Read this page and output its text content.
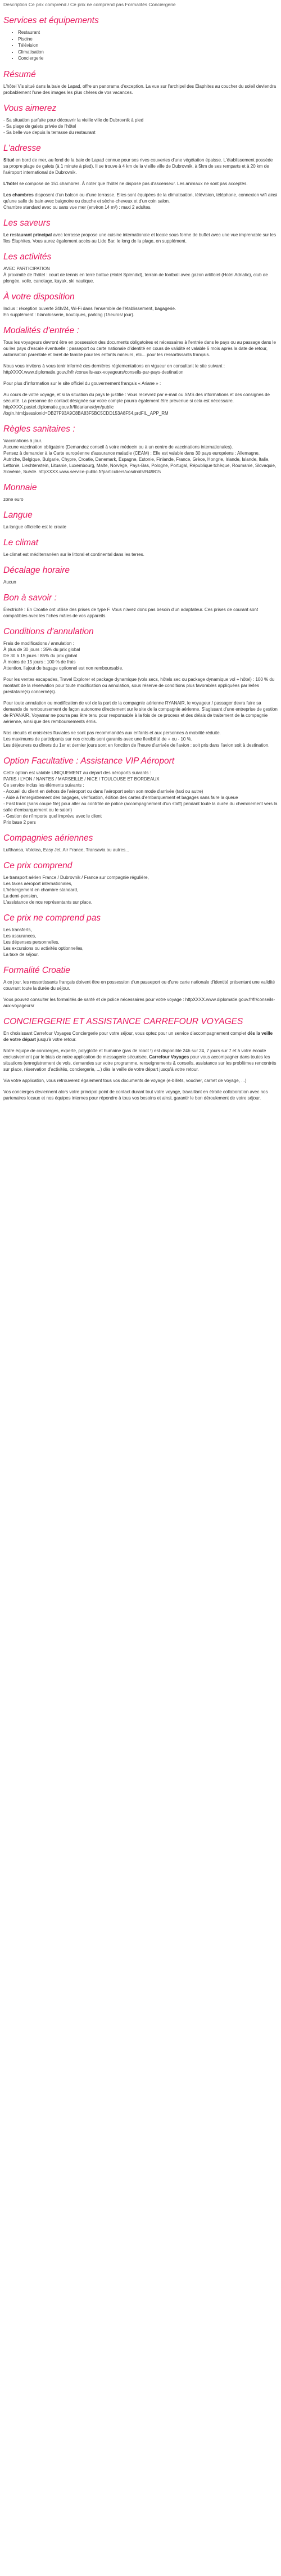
Description Ce prix comprend / Ce prix ne comprend pas Formalités Conciergerie
Services et équipements
• Restaurant
• Piscine
• Télévision
• Climatisation
• Conciergerie
Résumé

L'hôtel Vis situé dans la baie de Lapad, offre un panorama d'exception. La vue sur l'archipel des Élaphites au coucher du soleil deviendra probablement l'une des images les plus chères de vos vacances.

Vous aimerez

- Sa situation parfaite pour découvrir la vieille ville de Dubrovnik à pied
- Sa plage de galets privée de l'hôtel
- Sa belle vue depuis la terrasse du restaurant

L'adresse

Situé en bord de mer, au fond de la baie de Lapad connue pour ses rives couvertes d'une végétation épaisse. L'établissement possède sa propre plage de galets (à 1 minute à pied). Il se trouve à 4 km de la vieille ville de Dubrovnik, à 5km de ses remparts et à 20 km de l'aéroport international de Dubrovnik.

L'hôtel se compose de 151 chambres. À noter que l'hôtel ne dispose pas d'ascenseur. Les animaux ne sont pas acceptés.

Les chambres disposent d'un balcon ou d'une terrasse. Elles sont équipées de la climatisation, télévision, téléphone, connexion wifi ainsi qu'une salle de bain avec baignoire ou douche et sèche-cheveux et d'un coin salon.
Chambre standard avec ou sans vue mer (environ 14 m²) : maxi 2 adultes.

Les saveurs

Le restaurant principal avec terrasse propose une cuisine internationale et locale sous forme de buffet avec une vue imprenable sur les îles Élaphites. Vous aurez également accès au Lido Bar, le long de la plage, en supplément.

Les activités

AVEC PARTICIPATION
À proximité de l'hôtel : court de tennis en terre battue (Hotel Splendid), terrain de football avec gazon artificiel (Hotel Adriatic), club de plongée, voile, canotage, kayak, ski nautique.

À votre disposition

Inclus : réception ouverte 24h/24, Wi-Fi dans l'ensemble de l'établissement, bagagerie.
En supplément : blanchisserie, boutiques, parking (15euros/ jour).

Modalités d'entrée :

Tous les voyageurs devront être en possession des documents obligatoires et nécessaires à l'entrée dans le pays ou au passage dans le ou les pays d'escale éventuelle : passeport ou carte nationale d'identité en cours de validité et valable 6 mois après la date de retour, autorisation parentale et livret de famille pour les enfants mineurs, etc... pour les ressortissants français.

Nous vous invitons à vous tenir informé des dernières réglementations en vigueur en consultant le site suivant : httpXXXX.www.diplomatie.gouv.fr/fr /conseils-aux-voyageurs/conseils-par-pays-destination

Pour plus d'information sur le site officiel du gouvernement français « Ariane » :

Au cours de votre voyage, et si la situation du pays le justifie : Vous recevrez par e-mail ou SMS des informations et des consignes de sécurité. La personne de contact désignée sur votre compte pourra également être prévenue si cela est nécessaire. httpXXXX.pastel.diplomatie.gouv.fr/fildariane/dyn/public /login.html;jsessionid=DB27F93A9C8BA83F5BC5CDD153A8F54.prdFIL_APP_RM

Règles sanitaires :

Vaccinations à jour.
Aucune vaccination obligatoire (Demandez conseil à votre médecin ou à un centre de vaccinations internationales).
Pensez à demander à la Carte européenne d'assurance maladie (CEAM) : Elle est valable dans 30 pays européens : Allemagne, Autriche, Belgique, Bulgarie, Chypre, Croatie, Danemark, Espagne, Estonie, Finlande, France, Grèce, Hongrie, Irlande, Islande, Italie, Lettonie, Liechtenstein, Lituanie, Luxembourg, Malte, Norvège, Pays-Bas, Pologne, Portugal, République tchèque, Roumanie, Slovaquie, Slovénie, Suède. httpXXXX.www.service-public.fr/particuliers/vosdroits/R49815

Monnaie

zone euro

Langue

La langue officielle est le croate

Le climat

Le climat est méditerranéen sur le littoral et continental dans les terres.

Décalage horaire

Aucun

Bon à savoir :

Électricité : En Croatie ont utilise des prises de type F. Vous n'avez donc pas besoin d'un adaptateur. Ces prises de courant sont compatibles avec les fiches mâles de vos appareils.

Conditions d'annulation

Frais de modifications / annulation :
À plus de 30 jours : 35% du prix global
De 30 à 15 jours : 85% du prix global
À moins de 15 jours : 100 % de frais
Attention, l'ajout de bagage optionnel est non remboursable.

Pour les ventes escapades, Travel Explorer et package dynamique (vols secs, hôtels sec ou package dynamique vol + hôtel) : 100 % du montant de la réservation pour toute modification ou annulation, sous réserve de conditions plus favorables appliquées par le/les prestataire(s) concerné(s).

Pour toute annulation ou modification de vol de la part de la compagnie aérienne RYANAIR, le voyageur / passager devra faire sa demande de remboursement de façon autonome directement sur le site de la compagnie aérienne. S'agissant d'une entreprise de gestion de RYANAIR, Voyamar ne pourra pas être tenu pour responsable à la fois de ce process et des délais de traitement de la compagnie aérienne, ainsi que des remboursements émis.

Nos circuits et croisières fluviales ne sont pas recommandés aux enfants et aux personnes à mobilité réduite.
Les maximums de participants sur nos circuits sont garantis avec une flexibilité de + ou - 10 %.
Les déjeuners ou dîners du 1er et dernier jours sont en fonction de l'heure d'arrivée de l'avion : soit pris dans l'avion soit à destination.

Option Facultative : Assistance VIP Aéroport

Cette option est valable UNIQUEMENT au départ des aéroports suivants :
PARIS / LYON / NANTES / MARSEILLE / NICE / TOULOUSE ET BORDEAUX
Ce service inclus les éléments suivants :
- Accueil du client en dehors de l'aéroport ou dans l'aéroport selon son mode d'arrivée (taxi ou autre)
- Aide à l'enregistrement des bagages, vérification, édition des cartes d'embarquement et bagages sans faire la queue
- Fast track (sans coupe file) pour aller au contrôle de police (accompagnement d'un staff) pendant toute la durée du cheminement vers la salle d'embarquement ou le salon)
- Gestion de n'importe quel imprévu avec le client
Prix base 2 pers

Compagnies aériennes

Lufthansa, Volotea, Easy Jet, Air France, Transavia ou autres...

Ce prix comprend

Le transport aérien France / Dubrovnik / France sur compagnie régulière,
Les taxes aéroport internationales,
L'hébergement en chambre standard,
La demi-pension,
L'assistance de nos représentants sur place.

Ce prix ne comprend pas

Les transferts,
Les assurances,
Les dépenses personnelles,
Les excursions ou activités optionnelles,
La taxe de séjour.

Formalité Croatie

A ce jour, les ressortissants français doivent être en possession d'un passeport ou d'une carte nationale d'identité présentant une validité couvrant toute la durée du séjour.

Vous pouvez consulter les formalités de santé et de police nécessaires pour votre voyage : httpXXXX.www.diplomatie.gouv.fr/fr/conseils-aux-voyageurs/

CONCIERGERIE ET ASSISTANCE CARREFOUR VOYAGES

En choisissant Carrefour Voyages Conciergerie pour votre séjour, vous optez pour un service d'accompagnement complet dès la veille de votre départ jusqu'à votre retour.

Notre équipe de concierges, experte, polyglotte et humaine (pas de robot !) est disponible 24h sur 24, 7 jours sur 7 et à votre écoute exclusivement par le biais de notre application de messagerie sécurisée, Carrefour Voyages pour vous accompagner dans toutes les situations (enregistrement de vols, demandes sur votre programme, renseignements & conseils, assistance sur les problèmes rencontrés sur place, réservation d'activités, conciergerie, ...) dès la veille de votre départ jusqu'à votre retour.

Via votre application, vous retrouverez également tous vos documents de voyage (e-billets, voucher, carnet de voyage, ...)

Vos concierges deviennent alors votre principal point de contact durant tout votre voyage, travaillant en étroite collaboration avec nos partenaires locaux et nos équipes internes pour répondre à tous vos besoins et ainsi, garantir le bon déroulement de votre séjour.
